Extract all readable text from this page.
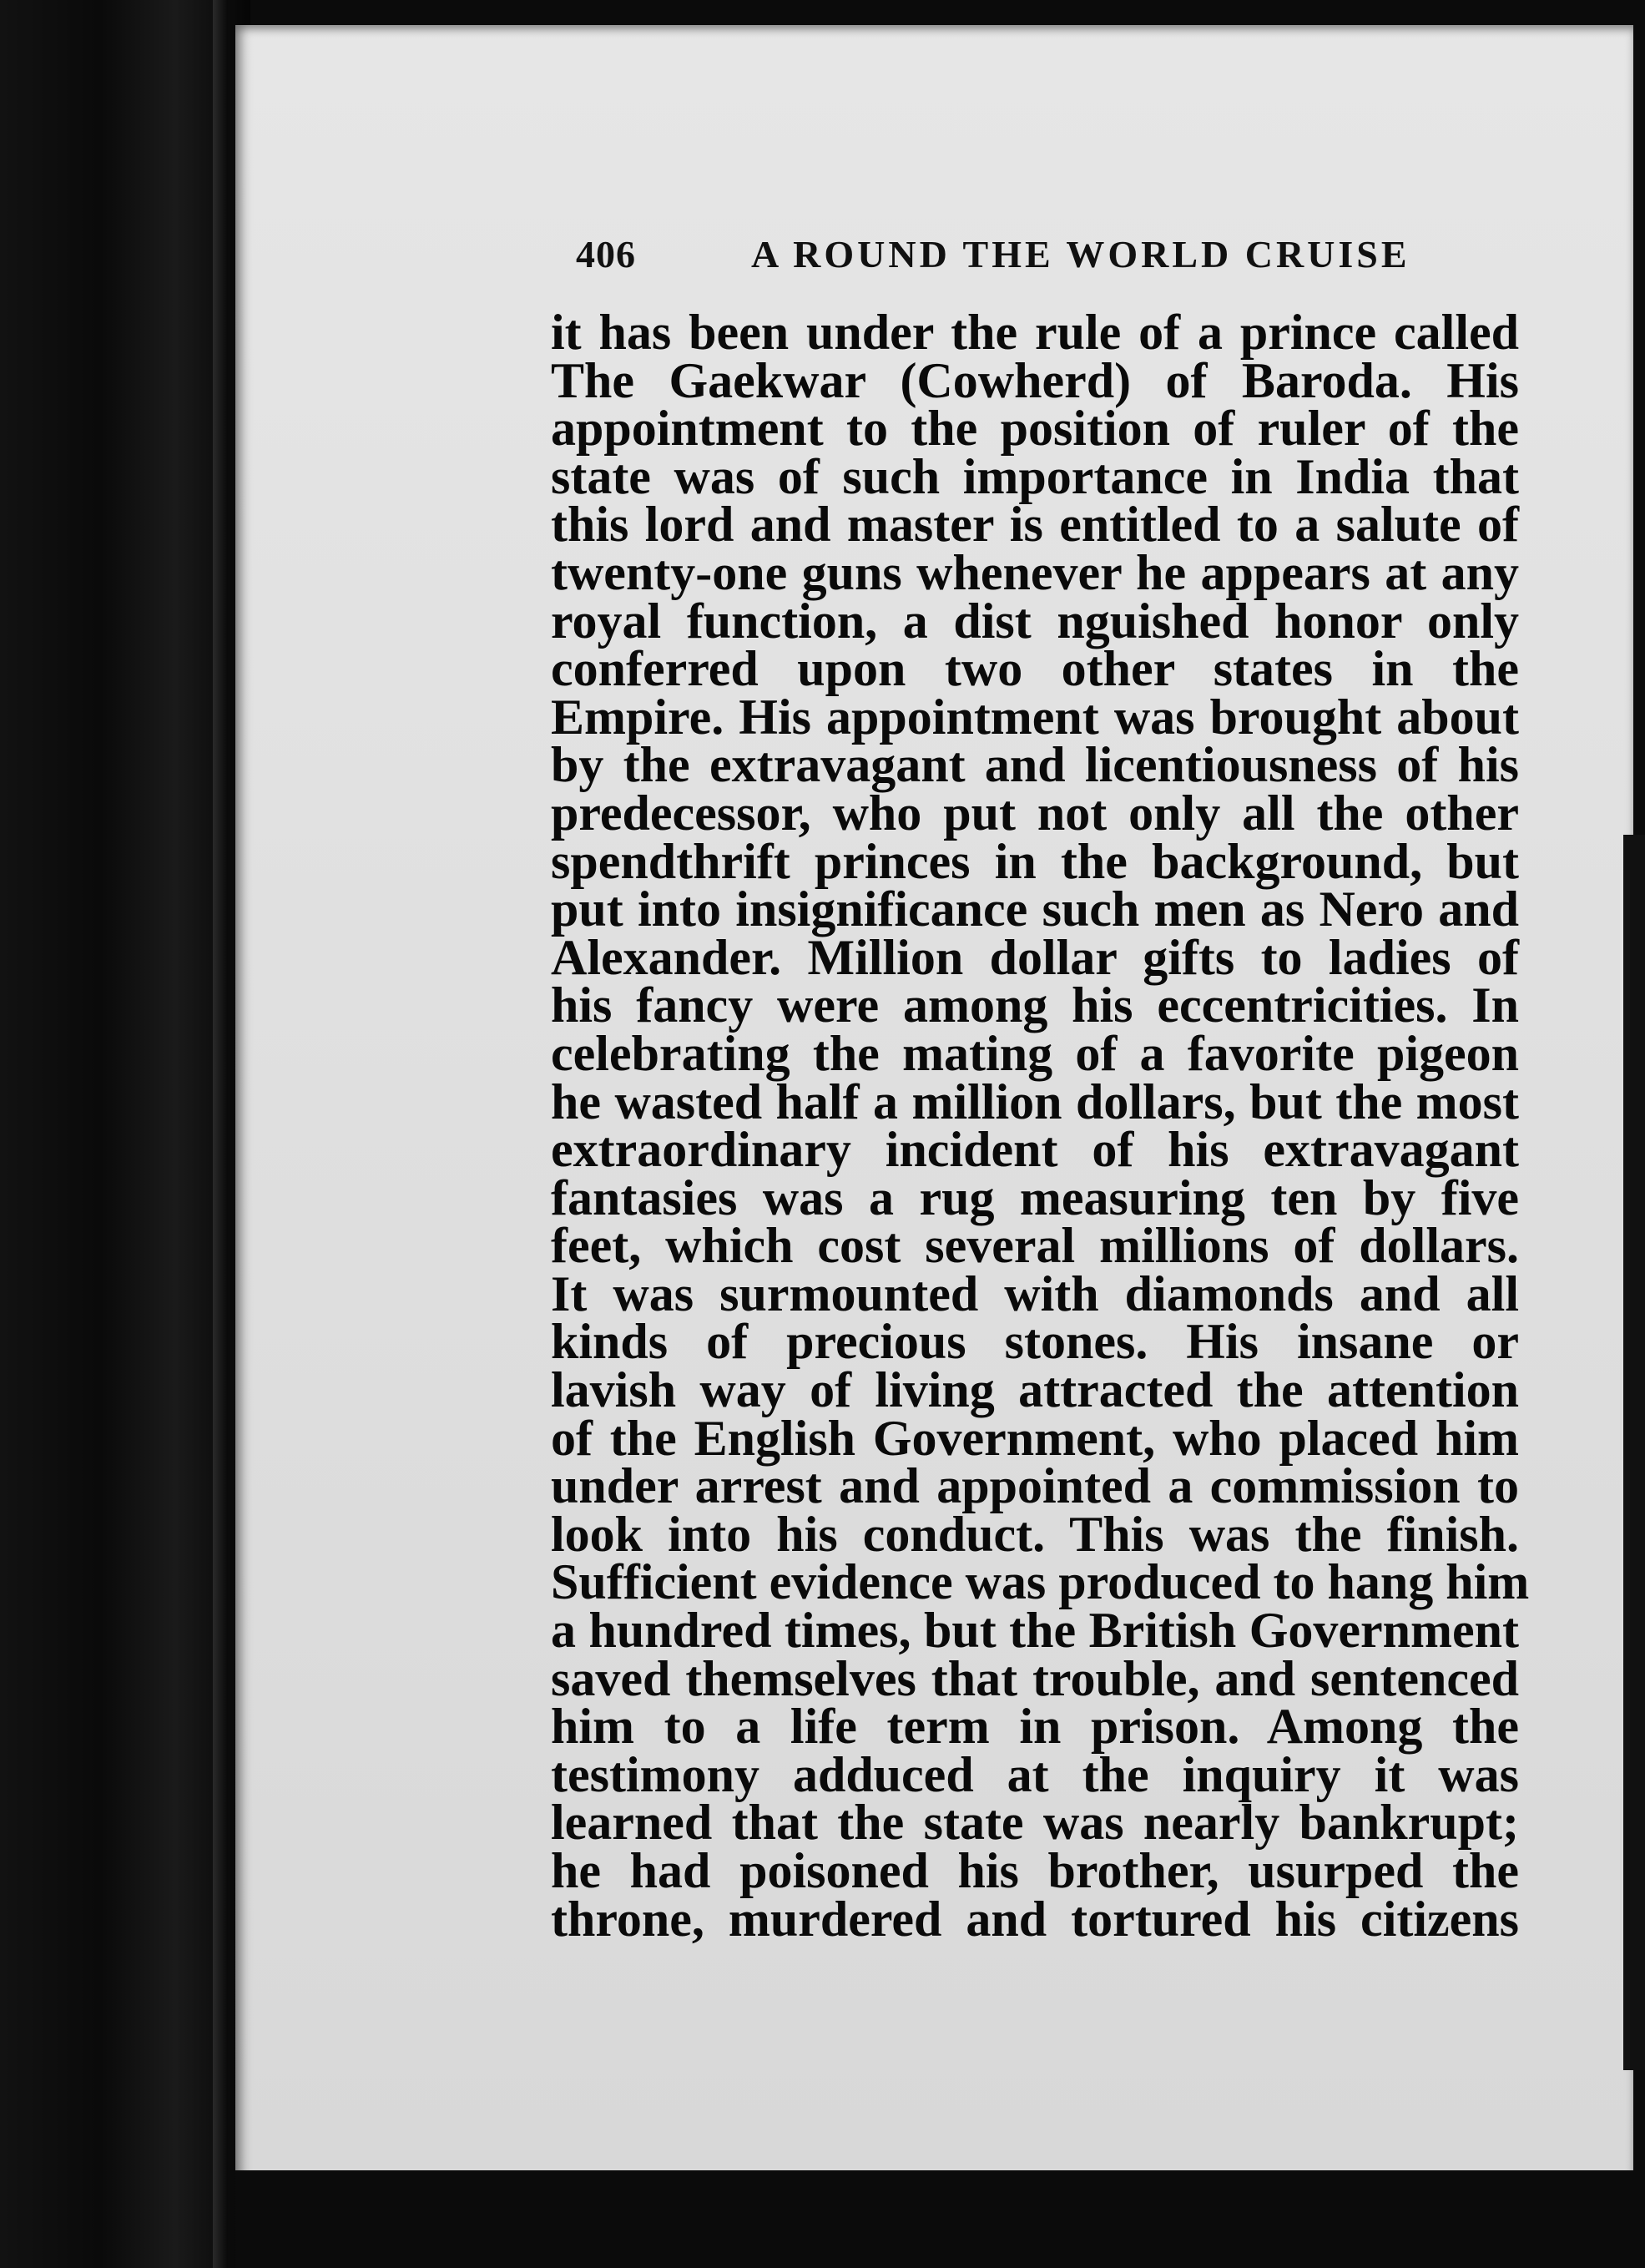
406	A ROUND THE WORLD CRUISE
it has been under the rule of a prince called
The Gaekwar (Cowherd) of Baroda. His
appointment to the position of ruler of the
state was of such importance in India that
this lord and master is entitled to a salute of
twenty-one guns whenever he appears at any
royal function, a dist nguished honor only
conferred upon two other states in the
Empire. His appointment was brought about
by the extravagant and licentiousness of his
predecessor, who put not only all the other
spendthrift princes in the background, but
put into insignificance such men as Nero and
Alexander. Million dollar gifts to ladies of
his fancy were among his eccentricities. In
celebrating the mating of a favorite pigeon
he wasted half a million dollars, but the most
extraordinary incident of his extravagant
fantasies was a rug measuring ten by five
feet, which cost several millions of dollars.
It was surmounted with diamonds and all
kinds of precious stones. His insane or
lavish way of living attracted the attention
of the English Government, who placed him
under arrest and appointed a commission to
look into his conduct. This was the finish.
Sufficient evidence was produced to hang him
a hundred times, but the British Government
saved themselves that trouble, and sentenced
him to a life term in prison. Among the
testimony adduced at the inquiry it was
learned that the state was nearly bankrupt;
he had poisoned his brother, usurped the
throne, murdered and tortured his citizens
